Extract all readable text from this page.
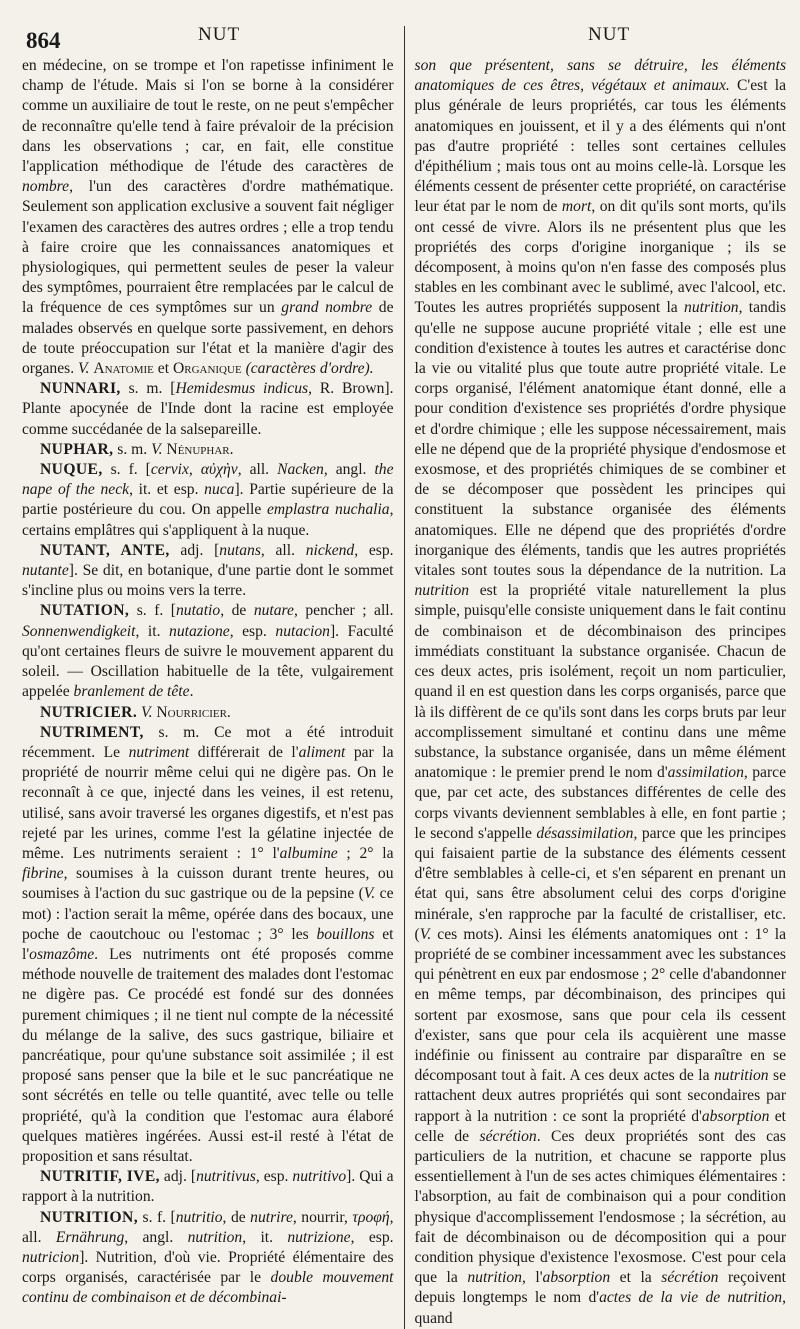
864	NUT	NUT

en médecine, on se trompe et l'on rapetisse infiniment le champ de l'étude. Mais si l'on se borne à la considérer comme un auxiliaire de tout le reste, on ne peut s'empêcher de reconnaître qu'elle tend à faire prévaloir de la précision dans les observations ; car, en fait, elle constitue l'application méthodique de l'étude des caractères de nombre, l'un des caractères d'ordre mathématique. Seulement son application exclusive a souvent fait négliger l'examen des caractères des autres ordres ; elle a trop tendu à faire croire que les connaissances anatomiques et physiologiques, qui permettent seules de peser la valeur des symptômes, pourraient être remplacées par le calcul de la fréquence de ces symptômes sur un grand nombre de malades observés en quelque sorte passivement, en dehors de toute préoccupation sur l'état et la manière d'agir des organes. V. Anatomie et Organique (caractères d'ordre).

NUNNARI, s. m. [Hemidesmus indicus, R. Brown]. Plante apocynée de l'Inde dont la racine est employée comme succédanée de la salsepareille.

NUPHAR, s. m. V. Nénuphar.

NUQUE, s. f. [cervix, αὐχὴν, all. Nacken, angl. the nape of the neck, it. et esp. nuca]. Partie supérieure de la partie postérieure du cou. On appelle emplastra nuchalia, certains emplâtres qui s'appliquent à la nuque.

NUTANT, ANTE, adj. [nutans, all. nickend, esp. nutante]. Se dit, en botanique, d'une partie dont le sommet s'incline plus ou moins vers la terre.

NUTATION, s. f. [nutatio, de nutare, pencher ; all. Sonnenwendigkeit, it. nutazione, esp. nutacion]. Faculté qu'ont certaines fleurs de suivre le mouvement apparent du soleil. — Oscillation habituelle de la tête, vulgairement appelée branlement de tête.

NUTRICIER. V. Nourricier.

NUTRIMENT, s. m. Ce mot a été introduit récemment. Le nutriment différerait de l'aliment par la propriété de nourrir même celui qui ne digère pas. On le reconnaît à ce que, injecté dans les veines, il est retenu, utilisé, sans avoir traversé les organes digestifs, et n'est pas rejeté par les urines, comme l'est la gélatine injectée de même. Les nutriments seraient : 1° l'albumine ; 2° la fibrine, soumises à la cuisson durant trente heures, ou soumises à l'action du suc gastrique ou de la pepsine (V. ce mot) : l'action serait la même, opérée dans des bocaux, une poche de caoutchouc ou l'estomac ; 3° les bouillons et l'osmazôme. Les nutriments ont été proposés comme méthode nouvelle de traitement des malades dont l'estomac ne digère pas. Ce procédé est fondé sur des données purement chimiques ; il ne tient nul compte de la nécessité du mélange de la salive, des sucs gastrique, biliaire et pancréatique, pour qu'une substance soit assimilée ; il est proposé sans penser que la bile et le suc pancréatique ne sont sécrétés en telle ou telle quantité, avec telle ou telle propriété, qu'à la condition que l'estomac aura élaboré quelques matières ingérées. Aussi est-il resté à l'état de proposition et sans résultat.

NUTRITIF, IVE, adj. [nutritivus, esp. nutritivo]. Qui a rapport à la nutrition.

NUTRITION, s. f. [nutritio, de nutrire, nourrir, τροφή, all. Ernährung, angl. nutrition, it. nutrizione, esp. nutricion]. Nutrition, d'où vie. Propriété élémentaire des corps organisés, caractérisée par le double mouvement continu de combinaison et de décombinai-

son que présentent, sans se détruire, les éléments anatomiques de ces êtres, végétaux et animaux. C'est la plus générale de leurs propriétés, car tous les éléments anatomiques en jouissent, et il y a des éléments qui n'ont pas d'autre propriété : telles sont certaines cellules d'épithélium ; mais tous ont au moins celle-là. Lorsque les éléments cessent de présenter cette propriété, on caractérise leur état par le nom de mort, on dit qu'ils sont morts, qu'ils ont cessé de vivre. Alors ils ne présentent plus que les propriétés des corps d'origine inorganique ; ils se décomposent, à moins qu'on n'en fasse des composés plus stables en les combinant avec le sublimé, avec l'alcool, etc. Toutes les autres propriétés supposent la nutrition, tandis qu'elle ne suppose aucune propriété vitale ; elle est une condition d'existence à toutes les autres et caractérise donc la vie ou vitalité plus que toute autre propriété vitale. Le corps organisé, l'élément anatomique étant donné, elle a pour condition d'existence ses propriétés d'ordre physique et d'ordre chimique ; elle les suppose nécessairement, mais elle ne dépend que de la propriété physique d'endosmose et exosmose, et des propriétés chimiques de se combiner et de se décomposer que possèdent les principes qui constituent la substance organisée des éléments anatomiques. Elle ne dépend que des propriétés d'ordre inorganique des éléments, tandis que les autres propriétés vitales sont toutes sous la dépendance de la nutrition. La nutrition est la propriété vitale naturellement la plus simple, puisqu'elle consiste uniquement dans le fait continu de combinaison et de décombinaison des principes immédiats constituant la substance organisée. Chacun de ces deux actes, pris isolément, reçoit un nom particulier, quand il en est question dans les corps organisés, parce que là ils diffèrent de ce qu'ils sont dans les corps bruts par leur accomplissement simultané et continu dans une même substance, la substance organisée, dans un même élément anatomique : le premier prend le nom d'assimilation, parce que, par cet acte, des substances différentes de celle des corps vivants deviennent semblables à elle, en font partie ; le second s'appelle désassimilation, parce que les principes qui faisaient partie de la substance des éléments cessent d'être semblables à celle-ci, et s'en séparent en prenant un état qui, sans être absolument celui des corps d'origine minérale, s'en rapproche par la faculté de cristalliser, etc. (V. ces mots). Ainsi les éléments anatomiques ont : 1° la propriété de se combiner incessamment avec les substances qui pénètrent en eux par endosmose ; 2° celle d'abandonner en même temps, par décombinaison, des principes qui sortent par exosmose, sans que pour cela ils cessent d'exister, sans que pour cela ils acquièrent une masse indéfinie ou finissent au contraire par disparaître en se décomposant tout à fait. A ces deux actes de la nutrition se rattachent deux autres propriétés qui sont secondaires par rapport à la nutrition : ce sont la propriété d'absorption et celle de sécrétion. Ces deux propriétés sont des cas particuliers de la nutrition, et chacune se rapporte plus essentiellement à l'un de ses actes chimiques élémentaires : l'absorption, au fait de combinaison qui a pour condition physique d'accomplissement l'endosmose ; la sécrétion, au fait de décombinaison ou de décomposition qui a pour condition physique d'existence l'exosmose. C'est pour cela que la nutrition, l'absorption et la sécrétion reçoivent depuis longtemps le nom d'actes de la vie de nutrition, quand
